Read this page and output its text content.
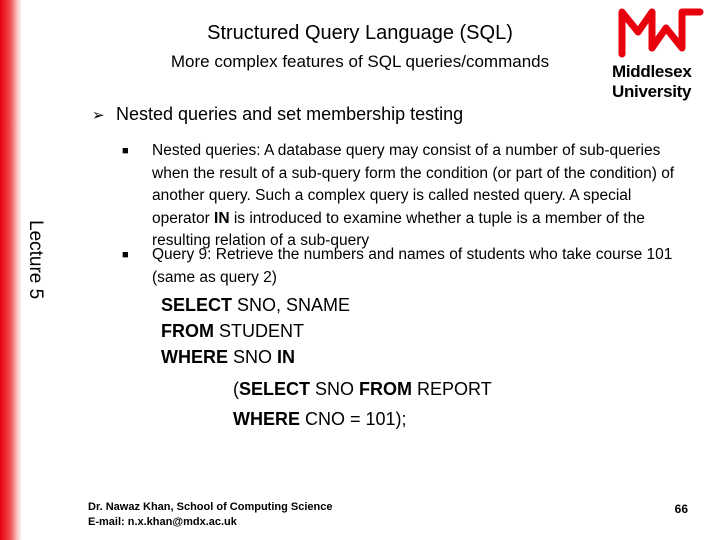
Structured Query Language (SQL)
More complex features of SQL queries/commands
Middlesex
University
Lecture 5
➢ Nested queries and set membership testing
■	Nested queries: A database query may consist of a number of sub-queries when the result of a sub-query form the condition (or part of the condition) of another query. Such a complex query is called nested query. A special operator IN is introduced to examine whether a tuple is a member of the resulting relation of a sub-query
■	Query 9: Retrieve the numbers and names of students who take course 101 (same as query 2)
SELECT SNO, SNAME
FROM STUDENT
WHERE SNO IN
(SELECT SNO FROM REPORT
WHERE CNO = 101);
Dr. Nawaz Khan, School of Computing Science
E-mail: n.x.khan@mdx.ac.uk
66
